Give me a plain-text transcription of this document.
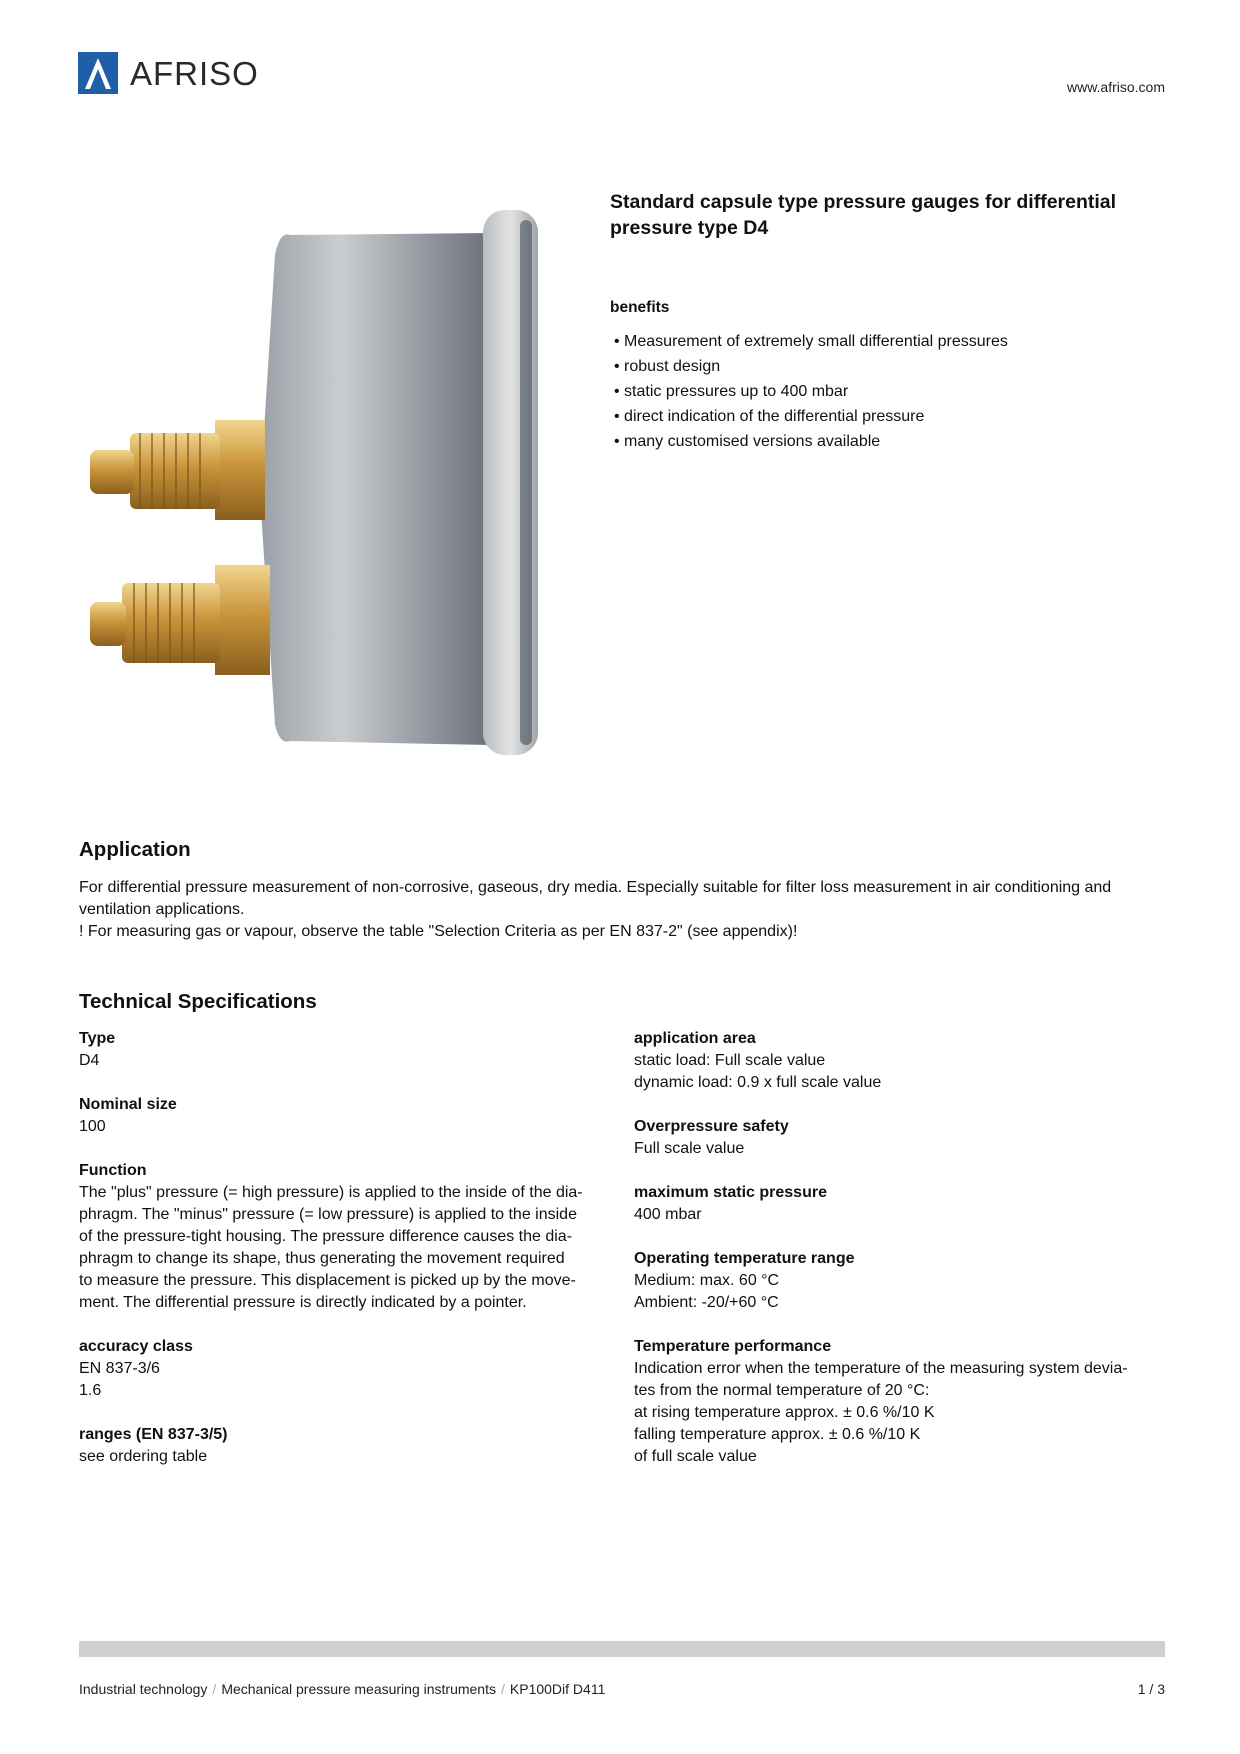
AFRISO	www.afriso.com
Standard capsule type pressure gauges for differential pressure type D4
benefits
• Measurement of extremely small differential pressures
• robust design
• static pressures up to 400 mbar
• direct indication of the differential pressure
• many customised versions available
Application
For differential pressure measurement of non-corrosive, gaseous, dry media. Especially suitable for filter loss measurement in air conditioning and ventilation applications.
! For measuring gas or vapour, observe the table "Selection Criteria as per EN 837-2" (see appendix)!
Technical Specifications
Type
D4
Nominal size
100
Function
The "plus" pressure (= high pressure) is applied to the inside of the dia-
phragm. The "minus" pressure (= low pressure) is applied to the inside
of the pressure-tight housing. The pressure difference causes the dia-
phragm to change its shape, thus generating the movement required
to measure the pressure. This displacement is picked up by the move-
ment. The differential pressure is directly indicated by a pointer.
accuracy class
EN 837-3/6
1.6
ranges (EN 837-3/5)
see ordering table
application area
static load: Full scale value
dynamic load: 0.9 x full scale value
Overpressure safety
Full scale value
maximum static pressure
400 mbar
Operating temperature range
Medium: max. 60 °C
Ambient: -20/+60 °C
Temperature performance
Indication error when the temperature of the measuring system devia-
tes from the normal temperature of 20 °C:
at rising temperature approx. ± 0.6 %/10 K
falling temperature approx. ± 0.6 %/10 K
of full scale value
Industrial technology / Mechanical pressure measuring instruments / KP100Dif D411	1 / 3
